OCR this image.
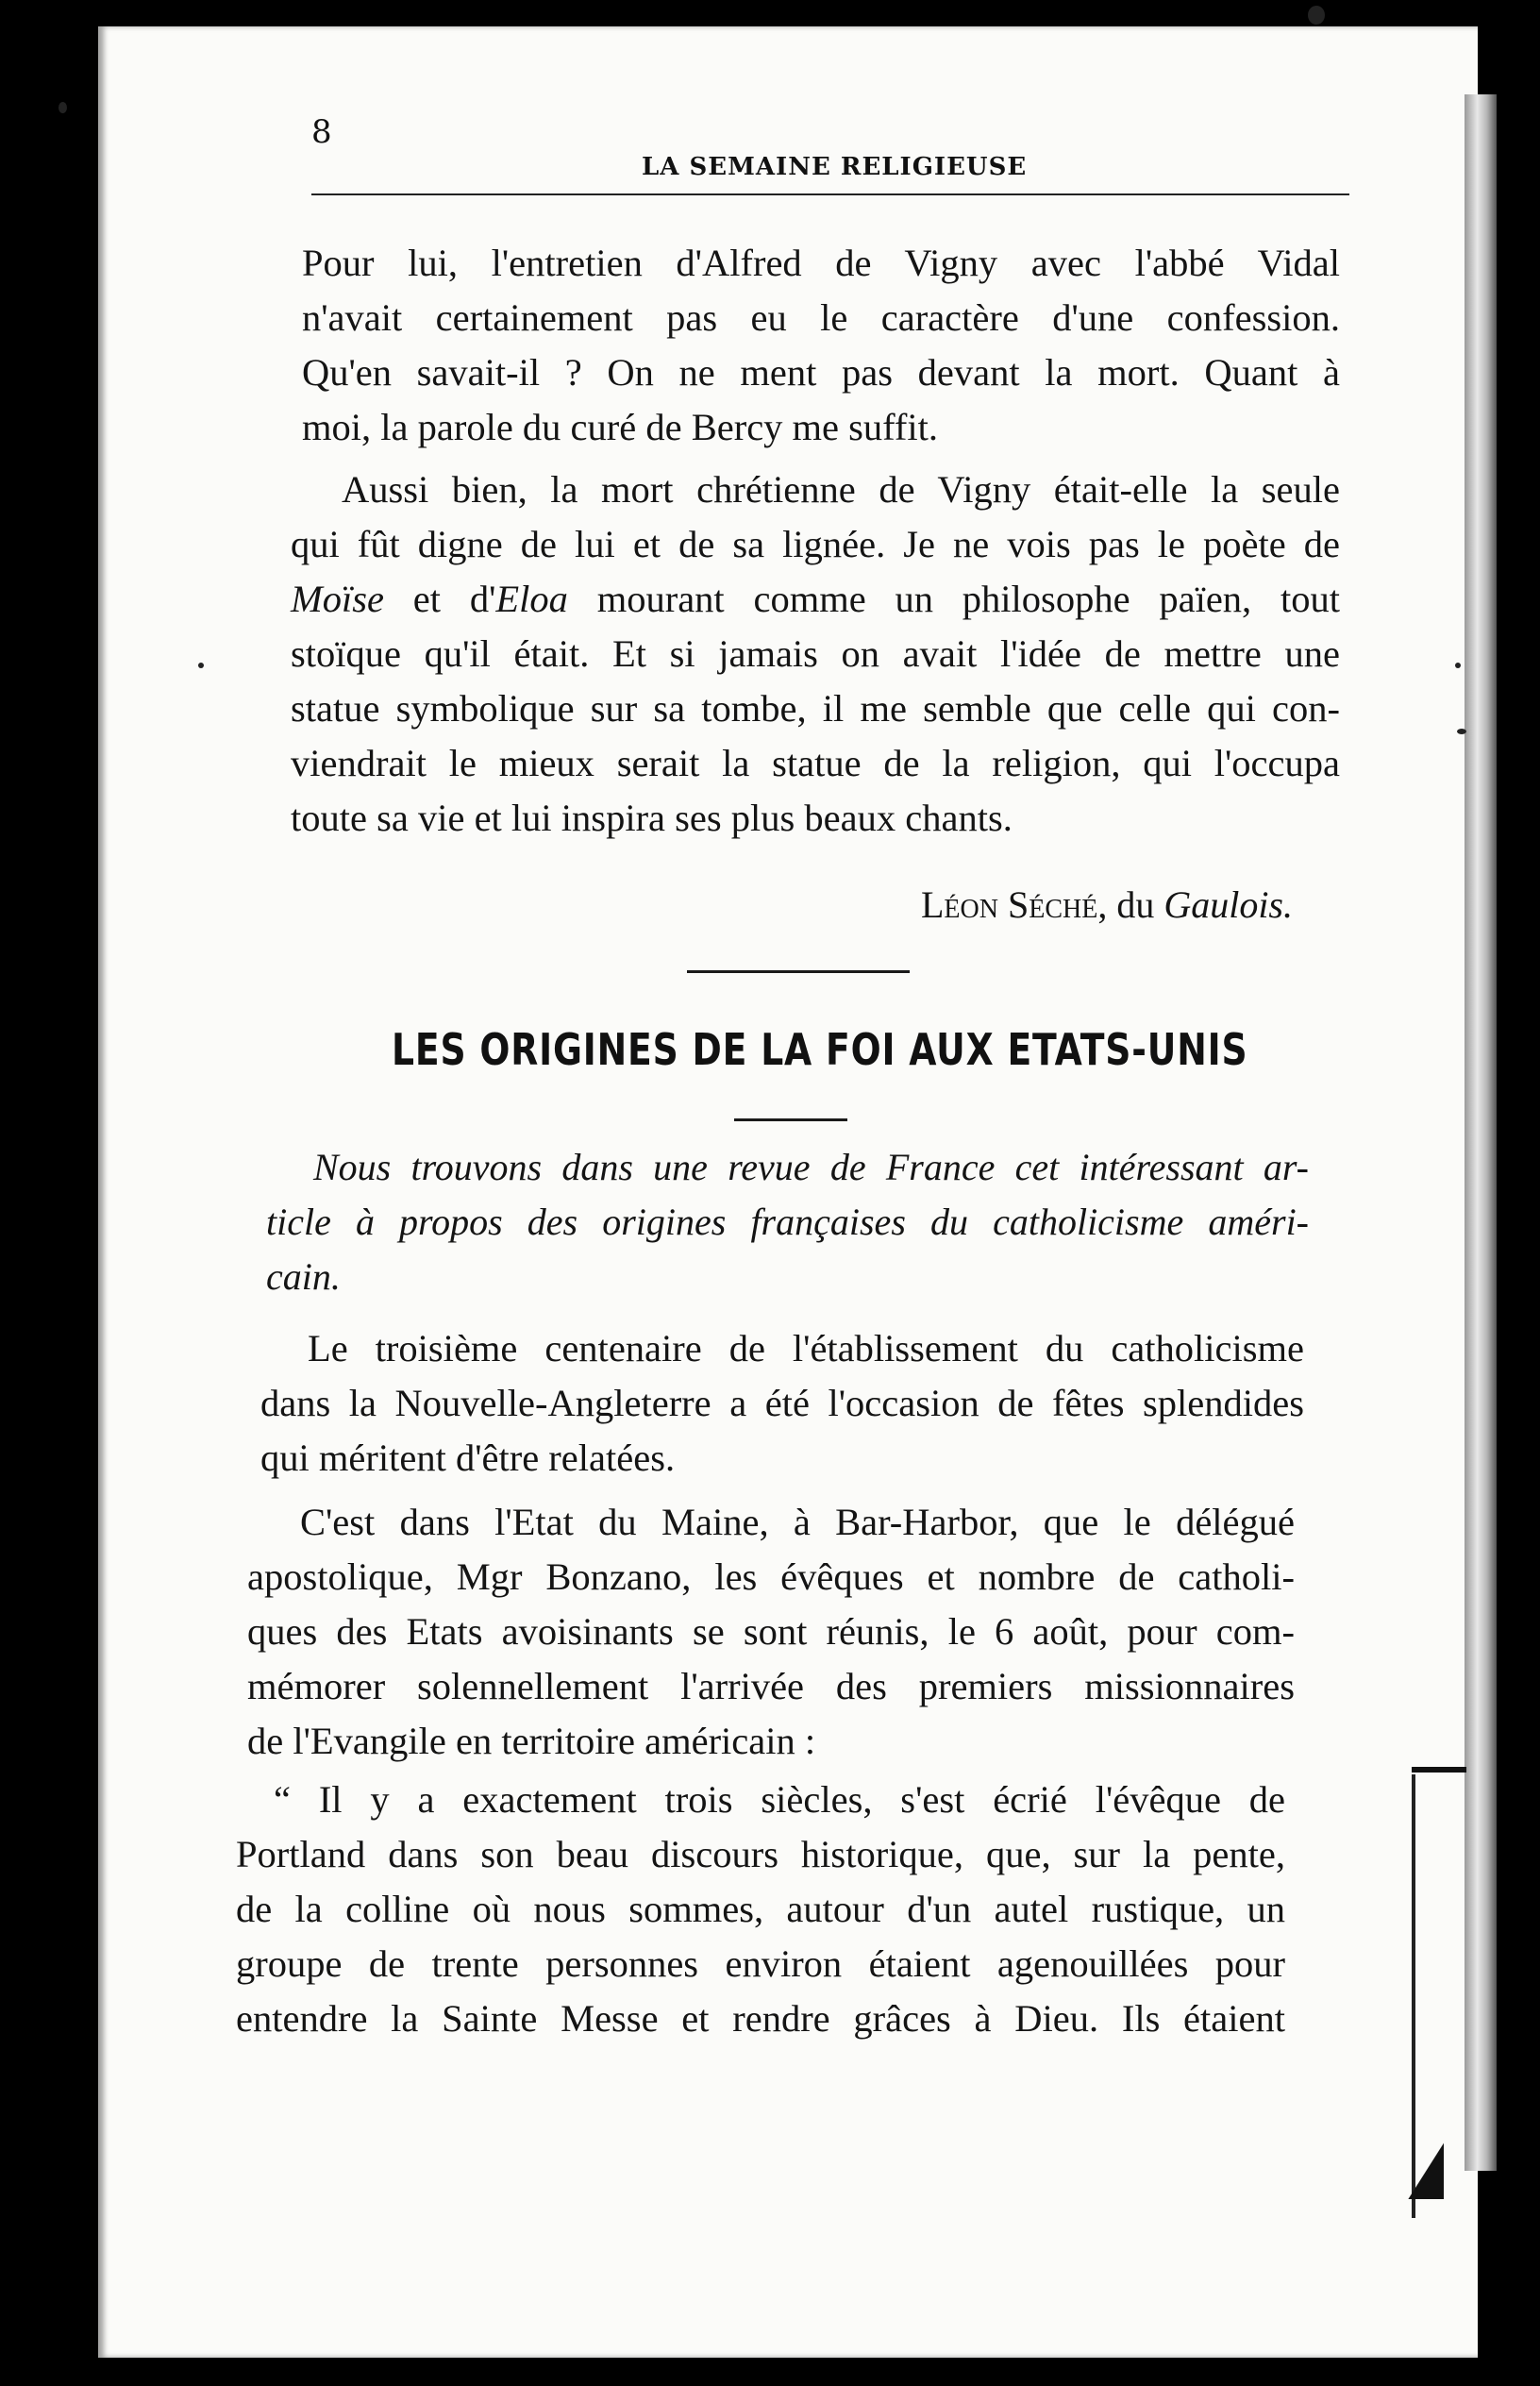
8
LA SEMAINE RELIGIEUSE
Pour lui, l'entretien d'Alfred de Vigny avec l'abbé Vidal
n'avait certainement pas eu le caractère d'une confession.
Qu'en savait-il ? On ne ment pas devant la mort. Quant à
moi, la parole du curé de Bercy me suffit.
Aussi bien, la mort chrétienne de Vigny était-elle la seule
qui fût digne de lui et de sa lignée. Je ne vois pas le poète de
Moïse et d'Eloa mourant comme un philosophe païen, tout
stoïque qu'il était. Et si jamais on avait l'idée de mettre une
statue symbolique sur sa tombe, il me semble que celle qui con-
viendrait le mieux serait la statue de la religion, qui l'occupa
toute sa vie et lui inspira ses plus beaux chants.
Léon Séché, du Gaulois.
LES ORIGINES DE LA FOI AUX ETATS-UNIS
Nous trouvons dans une revue de France cet intéressant ar-
ticle à propos des origines françaises du catholicisme améri-
cain.
Le troisième centenaire de l'établissement du catholicisme
dans la Nouvelle-Angleterre a été l'occasion de fêtes splendides
qui méritent d'être relatées.
C'est dans l'Etat du Maine, à Bar-Harbor, que le délégué
apostolique, Mgr Bonzano, les évêques et nombre de catholi-
ques des Etats avoisinants se sont réunis, le 6 août, pour com-
mémorer solennellement l'arrivée des premiers missionnaires
de l'Evangile en territoire américain :
“ Il y a exactement trois siècles, s'est écrié l'évêque de
Portland dans son beau discours historique, que, sur la pente,
de la colline où nous sommes, autour d'un autel rustique, un
groupe de trente personnes environ étaient agenouillées pour
entendre la Sainte Messe et rendre grâces à Dieu. Ils étaient
